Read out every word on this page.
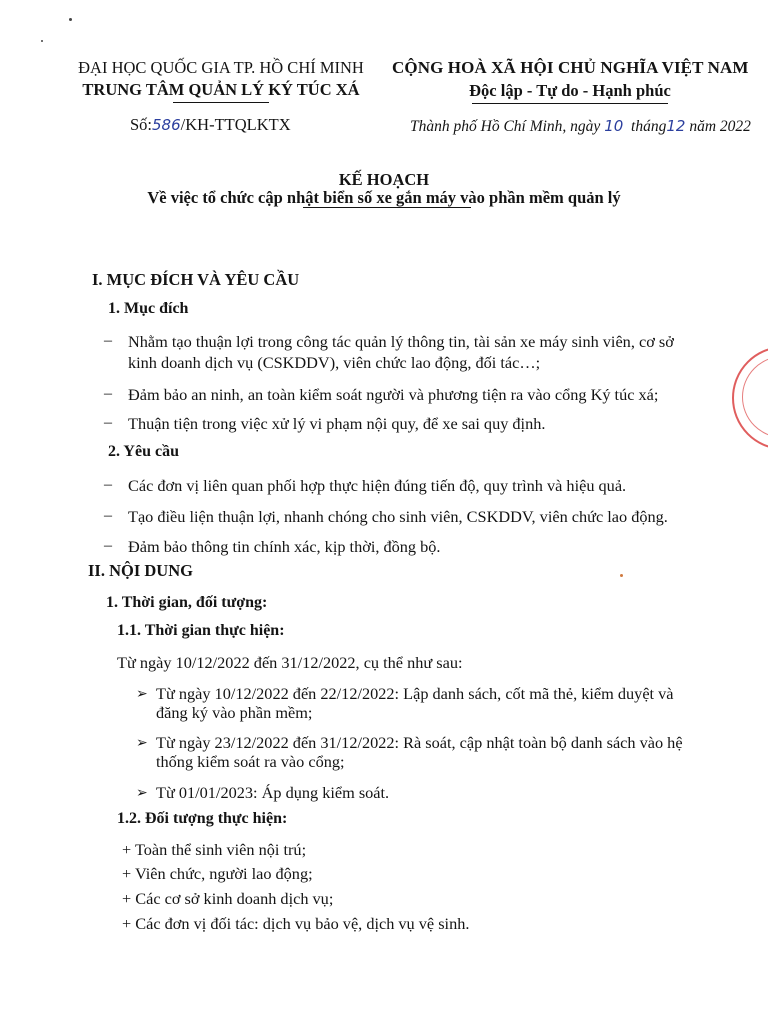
ĐẠI HỌC QUỐC GIA TP. HỒ CHÍ MINH
TRUNG TÂM QUẢN LÝ KÝ TÚC XÁ
CỘNG HOÀ XÃ HỘI CHỦ NGHĨA VIỆT NAM
Độc lập - Tự do - Hạnh phúc
Số:586/KH-TTQLKTX	Thành phố Hồ Chí Minh, ngày 10 tháng12 năm 2022
KẾ HOẠCH
Về việc tổ chức cập nhật biển số xe gắn máy vào phần mềm quản lý
I. MỤC ĐÍCH VÀ YÊU CẦU
1. Mục đích
– Nhằm tạo thuận lợi trong công tác quản lý thông tin, tài sản xe máy sinh viên, cơ sở
kinh doanh dịch vụ (CSKDDV), viên chức lao động, đối tác…;
– Đảm bảo an ninh, an toàn kiểm soát người và phương tiện ra vào cổng Ký túc xá;
– Thuận tiện trong việc xử lý vi phạm nội quy, để xe sai quy định.
2. Yêu cầu
– Các đơn vị liên quan phối hợp thực hiện đúng tiến độ, quy trình và hiệu quả.
– Tạo điều liện thuận lợi, nhanh chóng cho sinh viên, CSKDDV, viên chức lao động.
– Đảm bảo thông tin chính xác, kịp thời, đồng bộ.
II. NỘI DUNG
1. Thời gian, đối tượng:
1.1. Thời gian thực hiện:
Từ ngày 10/12/2022 đến 31/12/2022, cụ thể như sau:
➢ Từ ngày 10/12/2022 đến 22/12/2022: Lập danh sách, cốt mã thẻ, kiểm duyệt và
đăng ký vào phần mềm;
➢ Từ ngày 23/12/2022 đến 31/12/2022: Rà soát, cập nhật toàn bộ danh sách vào hệ
thống kiểm soát ra vào cổng;
➢ Từ 01/01/2023: Áp dụng kiểm soát.
1.2. Đối tượng thực hiện:
+ Toàn thể sinh viên nội trú;
+ Viên chức, người lao động;
+ Các cơ sở kinh doanh dịch vụ;
+ Các đơn vị đối tác: dịch vụ bảo vệ, dịch vụ vệ sinh.
